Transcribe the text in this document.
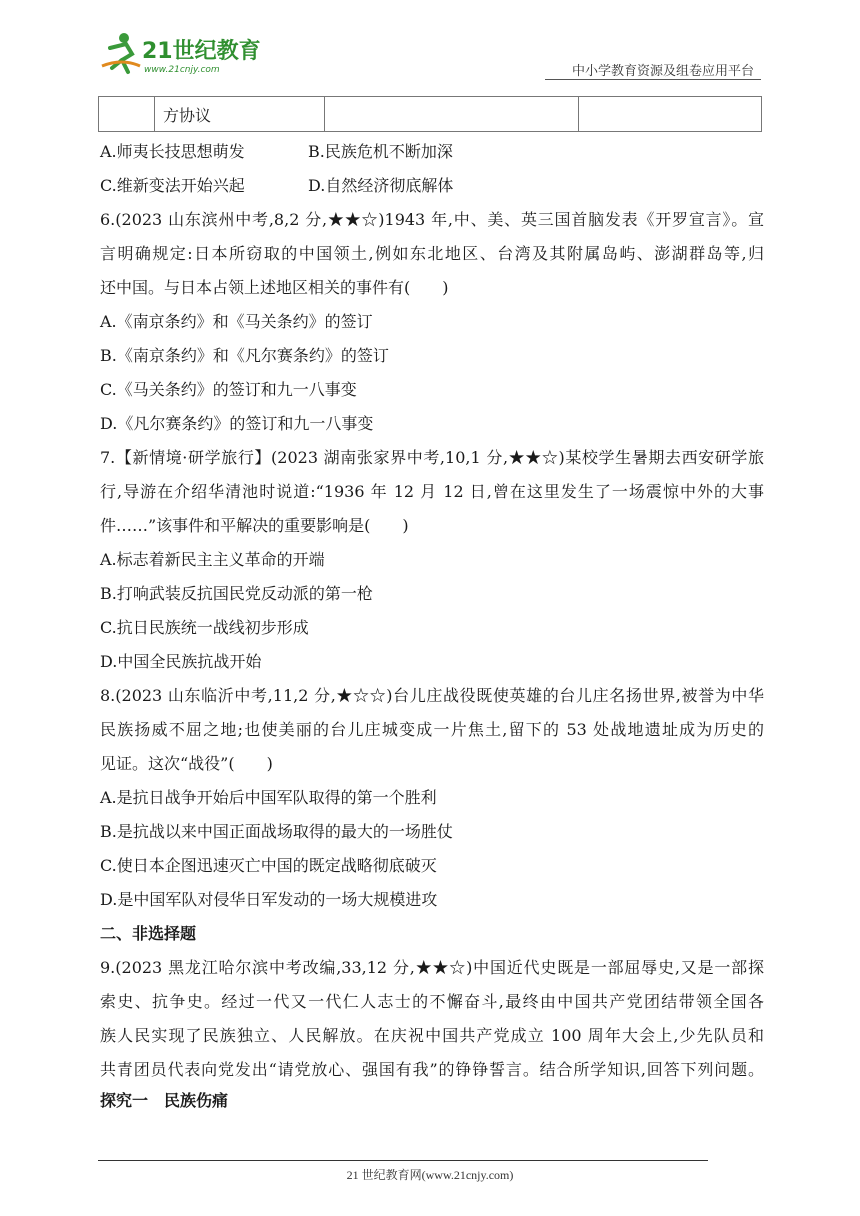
21世纪教育
www.21cnjy.com	中小学教育资源及组卷应用平台
方协议
A.师夷长技思想萌发	B.民族危机不断加深
C.维新变法开始兴起	D.自然经济彻底解体
6.(2023 山东滨州中考,8,2 分,★★☆)1943 年,中、美、英三国首脑发表《开罗宣言》。宣
言明确规定:日本所窃取的中国领土,例如东北地区、台湾及其附属岛屿、澎湖群岛等,归
还中国。与日本占领上述地区相关的事件有(　　)
A.《南京条约》和《马关条约》的签订
B.《南京条约》和《凡尔赛条约》的签订
C.《马关条约》的签订和九一八事变
D.《凡尔赛条约》的签订和九一八事变
7.【新情境·研学旅行】(2023 湖南张家界中考,10,1 分,★★☆)某校学生暑期去西安研学旅
行,导游在介绍华清池时说道:“1936 年 12 月 12 日,曾在这里发生了一场震惊中外的大事
件……”该事件和平解决的重要影响是(　　)
A.标志着新民主主义革命的开端
B.打响武装反抗国民党反动派的第一枪
C.抗日民族统一战线初步形成
D.中国全民族抗战开始
8.(2023 山东临沂中考,11,2 分,★☆☆)台儿庄战役既使英雄的台儿庄名扬世界,被誉为中华
民族扬威不屈之地;也使美丽的台儿庄城变成一片焦土,留下的 53 处战地遗址成为历史的
见证。这次“战役”(　　)
A.是抗日战争开始后中国军队取得的第一个胜利
B.是抗战以来中国正面战场取得的最大的一场胜仗
C.使日本企图迅速灭亡中国的既定战略彻底破灭
D.是中国军队对侵华日军发动的一场大规模进攻
二、非选择题
9.(2023 黑龙江哈尔滨中考改编,33,12 分,★★☆)中国近代史既是一部屈辱史,又是一部探
索史、抗争史。经过一代又一代仁人志士的不懈奋斗,最终由中国共产党团结带领全国各
族人民实现了民族独立、人民解放。在庆祝中国共产党成立 100 周年大会上,少先队员和
共青团员代表向党发出“请党放心、强国有我”的铮铮誓言。结合所学知识,回答下列问题。
探究一　民族伤痛
21 世纪教育网(www.21cnjy.com)
